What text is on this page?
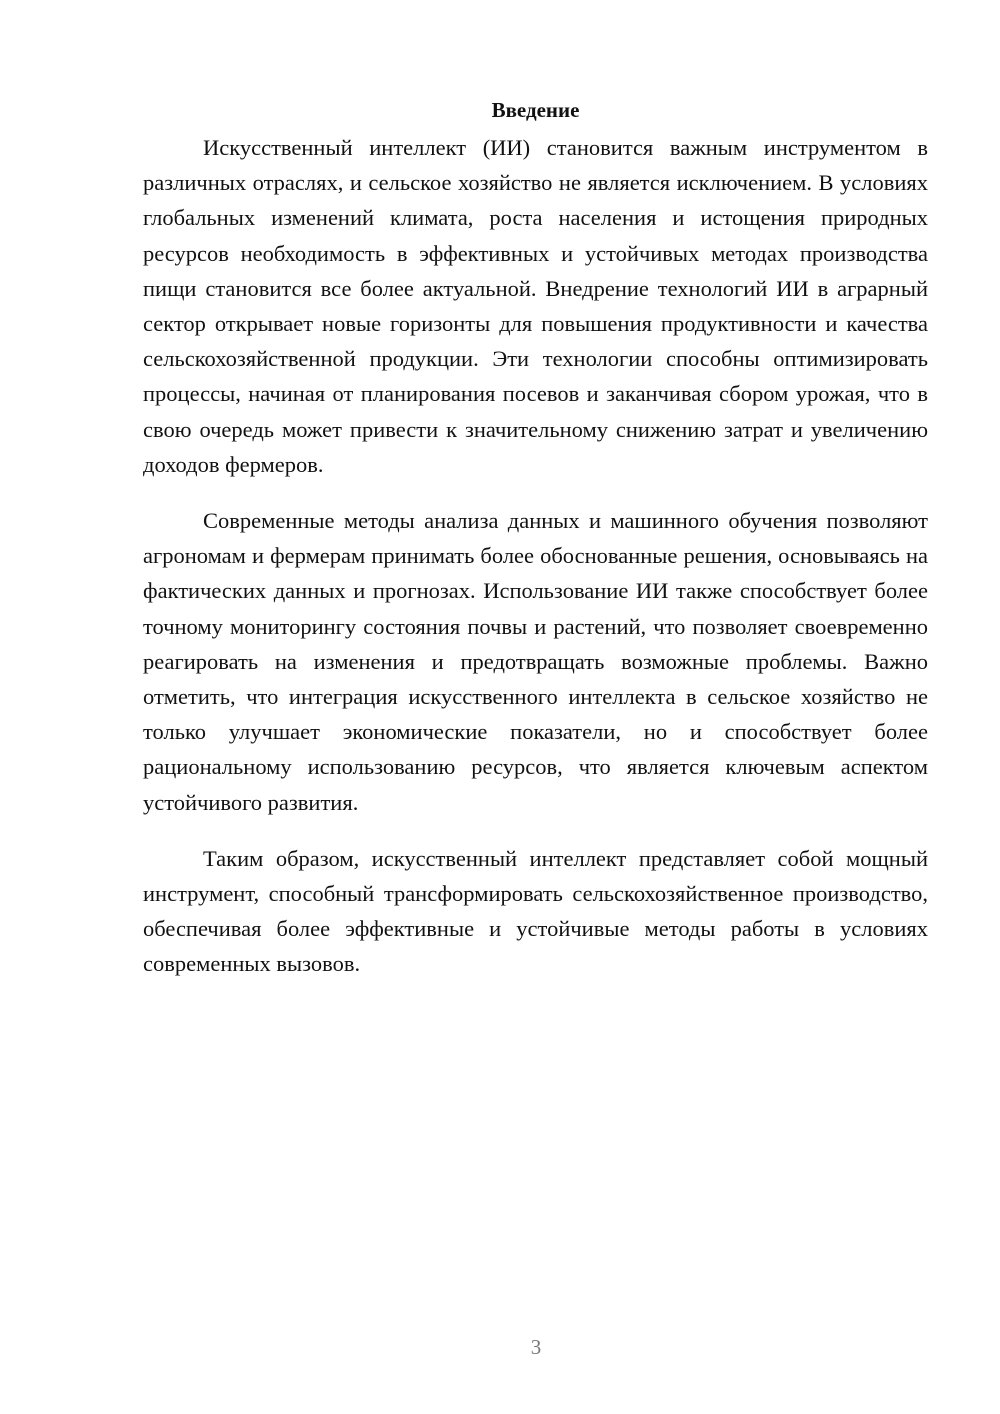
Введение

Искусственный интеллект (ИИ) становится важным инструментом в различных отраслях, и сельское хозяйство не является исключением. В условиях глобальных изменений климата, роста населения и истощения природных ресурсов необходимость в эффективных и устойчивых методах производства пищи становится все более актуальной. Внедрение технологий ИИ в аграрный сектор открывает новые горизонты для повышения продуктивности и качества сельскохозяйственной продукции. Эти технологии способны оптимизировать процессы, начиная от планирования посевов и заканчивая сбором урожая, что в свою очередь может привести к значительному снижению затрат и увеличению доходов фермеров.

Современные методы анализа данных и машинного обучения позволяют агрономам и фермерам принимать более обоснованные решения, основываясь на фактических данных и прогнозах. Использование ИИ также способствует более точному мониторингу состояния почвы и растений, что позволяет своевременно реагировать на изменения и предотвращать возможные проблемы. Важно отметить, что интеграция искусственного интеллекта в сельское хозяйство не только улучшает экономические показатели, но и способствует более рациональному использованию ресурсов, что является ключевым аспектом устойчивого развития.

Таким образом, искусственный интеллект представляет собой мощный инструмент, способный трансформировать сельскохозяйственное производство, обеспечивая более эффективные и устойчивые методы работы в условиях современных вызовов.

3
